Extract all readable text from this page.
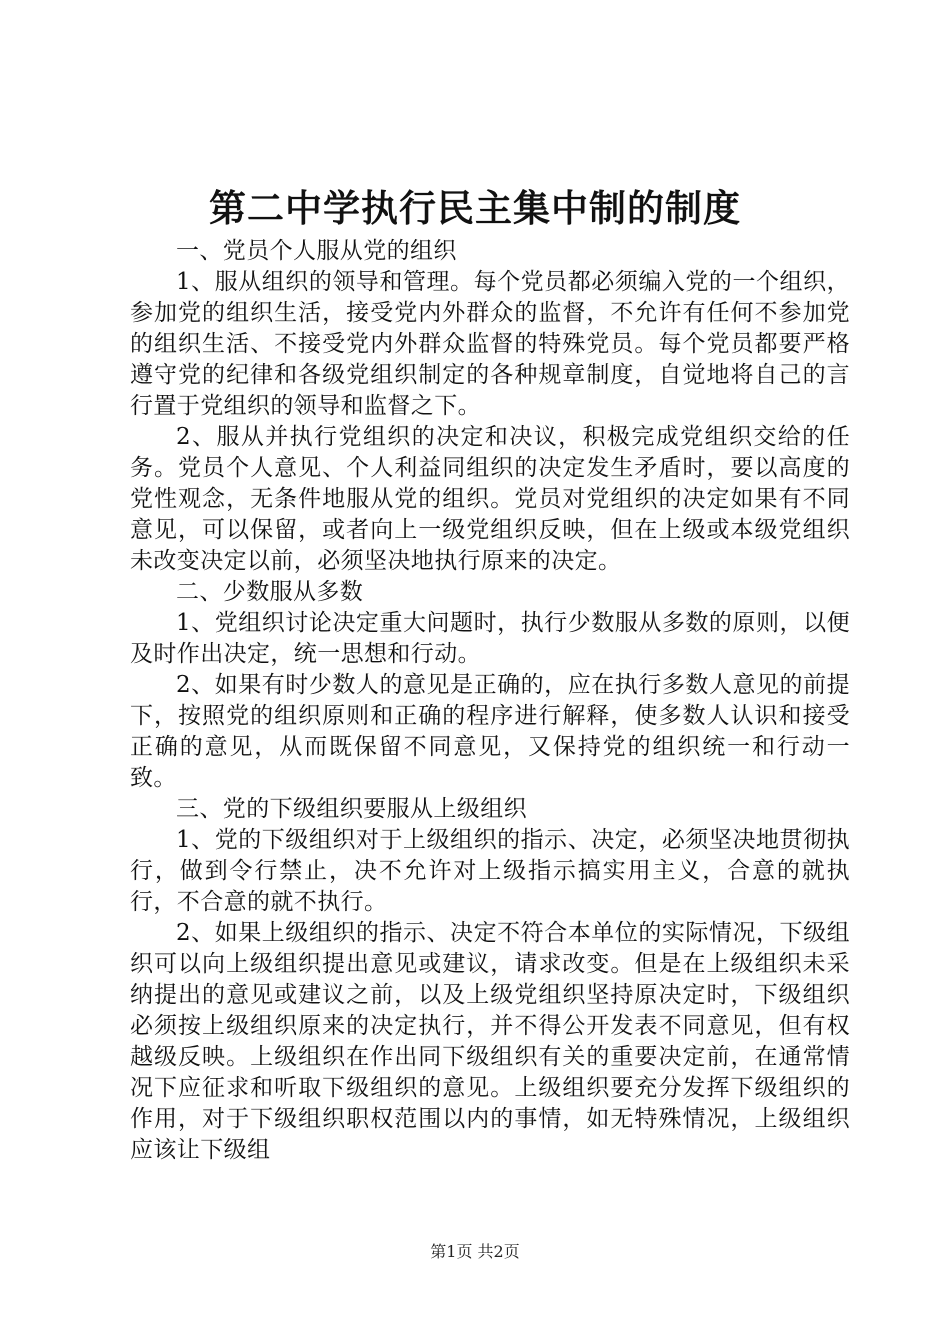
第二中学执行民主集中制的制度

一、党员个人服从党的组织

1、服从组织的领导和管理。每个党员都必须编入党的一个组织，参加党的组织生活，接受党内外群众的监督，不允许有任何不参加党的组织生活、不接受党内外群众监督的特殊党员。每个党员都要严格遵守党的纪律和各级党组织制定的各种规章制度，自觉地将自己的言行置于党组织的领导和监督之下。

2、服从并执行党组织的决定和决议，积极完成党组织交给的任务。党员个人意见、个人利益同组织的决定发生矛盾时，要以高度的党性观念，无条件地服从党的组织。党员对党组织的决定如果有不同意见，可以保留，或者向上一级党组织反映，但在上级或本级党组织未改变决定以前，必须坚决地执行原来的决定。

二、少数服从多数

1、党组织讨论决定重大问题时，执行少数服从多数的原则，以便及时作出决定，统一思想和行动。

2、如果有时少数人的意见是正确的，应在执行多数人意见的前提下，按照党的组织原则和正确的程序进行解释，使多数人认识和接受正确的意见，从而既保留不同意见，又保持党的组织统一和行动一致。

三、党的下级组织要服从上级组织

1、党的下级组织对于上级组织的指示、决定，必须坚决地贯彻执行，做到令行禁止，决不允许对上级指示搞实用主义，合意的就执行，不合意的就不执行。

2、如果上级组织的指示、决定不符合本单位的实际情况，下级组织可以向上级组织提出意见或建议，请求改变。但是在上级组织未采纳提出的意见或建议之前，以及上级党组织坚持原决定时，下级组织必须按上级组织原来的决定执行，并不得公开发表不同意见，但有权越级反映。上级组织在作出同下级组织有关的重要决定前，在通常情况下应征求和听取下级组织的意见。上级组织要充分发挥下级组织的作用，对于下级组织职权范围以内的事情，如无特殊情况，上级组织应该让下级组

第1页 共2页
